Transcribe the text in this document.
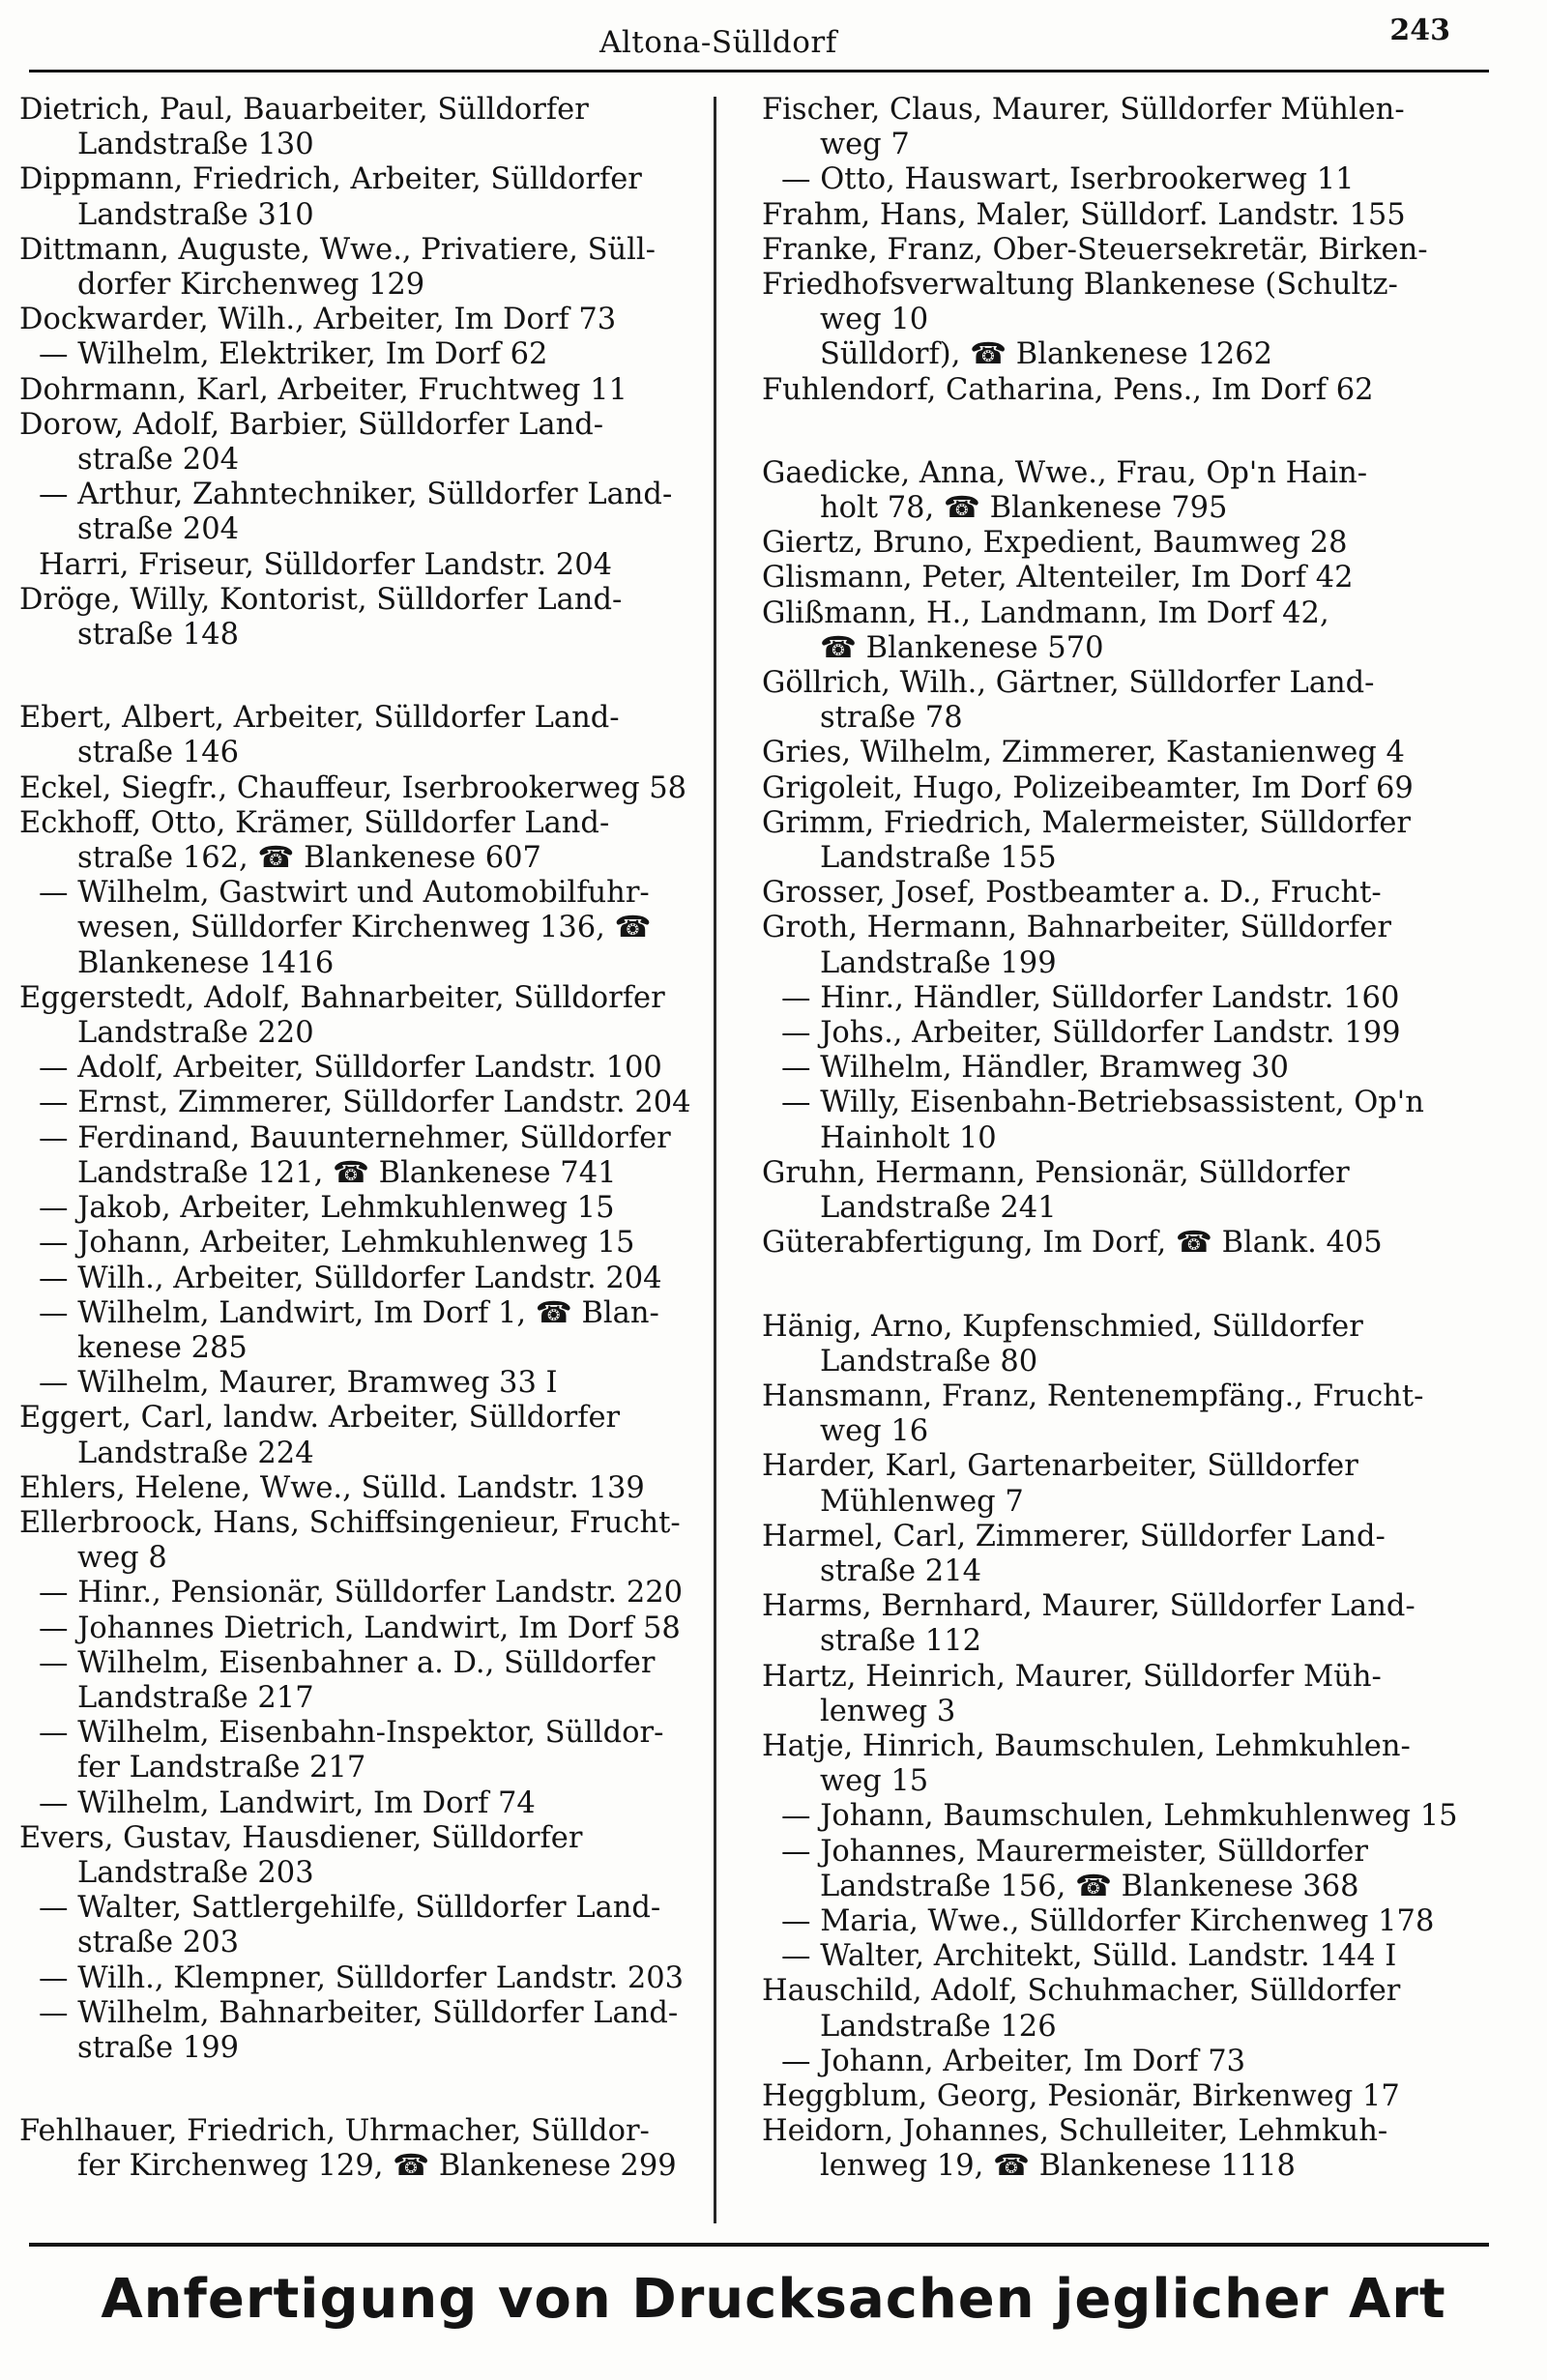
Altona-Sülldorf	243

Dietrich, Paul, Bauarbeiter, Sülldorfer
Landstraße 130

Dippmann, Friedrich, Arbeiter, Sülldorfer
Landstraße 310

Dittmann, Auguste, Wwe., Privatiere, Süll-
dorfer Kirchenweg 129

Dockwarder, Wilh., Arbeiter, Im Dorf 73

— Wilhelm, Elektriker, Im Dorf 62

Dohrmann, Karl, Arbeiter, Fruchtweg 11

Dorow, Adolf, Barbier, Sülldorfer Land-
straße 204

— Arthur, Zahntechniker, Sülldorfer Land-
straße 204

Harri, Friseur, Sülldorfer Landstr. 204

Dröge, Willy, Kontorist, Sülldorfer Land-
straße 148

Ebert, Albert, Arbeiter, Sülldorfer Land-
straße 146

Eckel, Siegfr., Chauffeur, Iserbrookerweg 58

Eckhoff, Otto, Krämer, Sülldorfer Land-
straße 162, ☎ Blankenese 607

— Wilhelm, Gastwirt und Automobilfuhr-
wesen, Sülldorfer Kirchenweg 136, ☎
Blankenese 1416

Eggerstedt, Adolf, Bahnarbeiter, Sülldorfer
Landstraße 220

— Adolf, Arbeiter, Sülldorfer Landstr. 100

— Ernst, Zimmerer, Sülldorfer Landstr. 204

— Ferdinand, Bauunternehmer, Sülldorfer
Landstraße 121, ☎ Blankenese 741

— Jakob, Arbeiter, Lehmkuhlenweg 15

— Johann, Arbeiter, Lehmkuhlenweg 15

— Wilh., Arbeiter, Sülldorfer Landstr. 204

— Wilhelm, Landwirt, Im Dorf 1, ☎ Blan-
kenese 285

— Wilhelm, Maurer, Bramweg 33 I

Eggert, Carl, landw. Arbeiter, Sülldorfer
Landstraße 224

Ehlers, Helene, Wwe., Sülld. Landstr. 139

Ellerbroock, Hans, Schiffsingenieur, Frucht-
weg 8

— Hinr., Pensionär, Sülldorfer Landstr. 220

— Johannes Dietrich, Landwirt, Im Dorf 58

— Wilhelm, Eisenbahner a. D., Sülldorfer
Landstraße 217

— Wilhelm, Eisenbahn-Inspektor, Sülldor-
fer Landstraße 217

— Wilhelm, Landwirt, Im Dorf 74

Evers, Gustav, Hausdiener, Sülldorfer
Landstraße 203

— Walter, Sattlergehilfe, Sülldorfer Land-
straße 203

— Wilh., Klempner, Sülldorfer Landstr. 203

— Wilhelm, Bahnarbeiter, Sülldorfer Land-
straße 199

Fehlhauer, Friedrich, Uhrmacher, Sülldor-
fer Kirchenweg 129, ☎ Blankenese 299

Fischer, Claus, Maurer, Sülldorfer Mühlen-
weg 7

— Otto, Hauswart, Iserbrookerweg 11

Frahm, Hans, Maler, Sülldorf. Landstr. 155

Franke, Franz, Ober-Steuersekretär, Birken-

Friedhofsverwaltung Blankenese (Schultz-
weg 10
Sülldorf), ☎ Blankenese 1262

Fuhlendorf, Catharina, Pens., Im Dorf 62

Gaedicke, Anna, Wwe., Frau, Op'n Hain-
holt 78, ☎ Blankenese 795

Giertz, Bruno, Expedient, Baumweg 28

Glismann, Peter, Altenteiler, Im Dorf 42

Glißmann, H., Landmann, Im Dorf 42,
☎ Blankenese 570

Göllrich, Wilh., Gärtner, Sülldorfer Land-
straße 78

Gries, Wilhelm, Zimmerer, Kastanienweg 4

Grigoleit, Hugo, Polizeibeamter, Im Dorf 69

Grimm, Friedrich, Malermeister, Sülldorfer
Landstraße 155

Grosser, Josef, Postbeamter a. D., Frucht-

Groth, Hermann, Bahnarbeiter, Sülldorfer
Landstraße 199

— Hinr., Händler, Sülldorfer Landstr. 160

— Johs., Arbeiter, Sülldorfer Landstr. 199

— Wilhelm, Händler, Bramweg 30

— Willy, Eisenbahn-Betriebsassistent, Op'n
Hainholt 10

Gruhn, Hermann, Pensionär, Sülldorfer
Landstraße 241

Güterabfertigung, Im Dorf, ☎ Blank. 405

Hänig, Arno, Kupfenschmied, Sülldorfer
Landstraße 80

Hansmann, Franz, Rentenempfäng., Frucht-
weg 16

Harder, Karl, Gartenarbeiter, Sülldorfer
Mühlenweg 7

Harmel, Carl, Zimmerer, Sülldorfer Land-
straße 214

Harms, Bernhard, Maurer, Sülldorfer Land-
straße 112

Hartz, Heinrich, Maurer, Sülldorfer Müh-
lenweg 3

Hatje, Hinrich, Baumschulen, Lehmkuhlen-
weg 15

— Johann, Baumschulen, Lehmkuhlenweg 15

— Johannes, Maurermeister, Sülldorfer
Landstraße 156, ☎ Blankenese 368

— Maria, Wwe., Sülldorfer Kirchenweg 178

— Walter, Architekt, Sülld. Landstr. 144 I

Hauschild, Adolf, Schuhmacher, Sülldorfer
Landstraße 126

— Johann, Arbeiter, Im Dorf 73

Heggblum, Georg, Pesionär, Birkenweg 17

Heidorn, Johannes, Schulleiter, Lehmkuh-
lenweg 19, ☎ Blankenese 1118

Anfertigung von Drucksachen jeglicher Art
